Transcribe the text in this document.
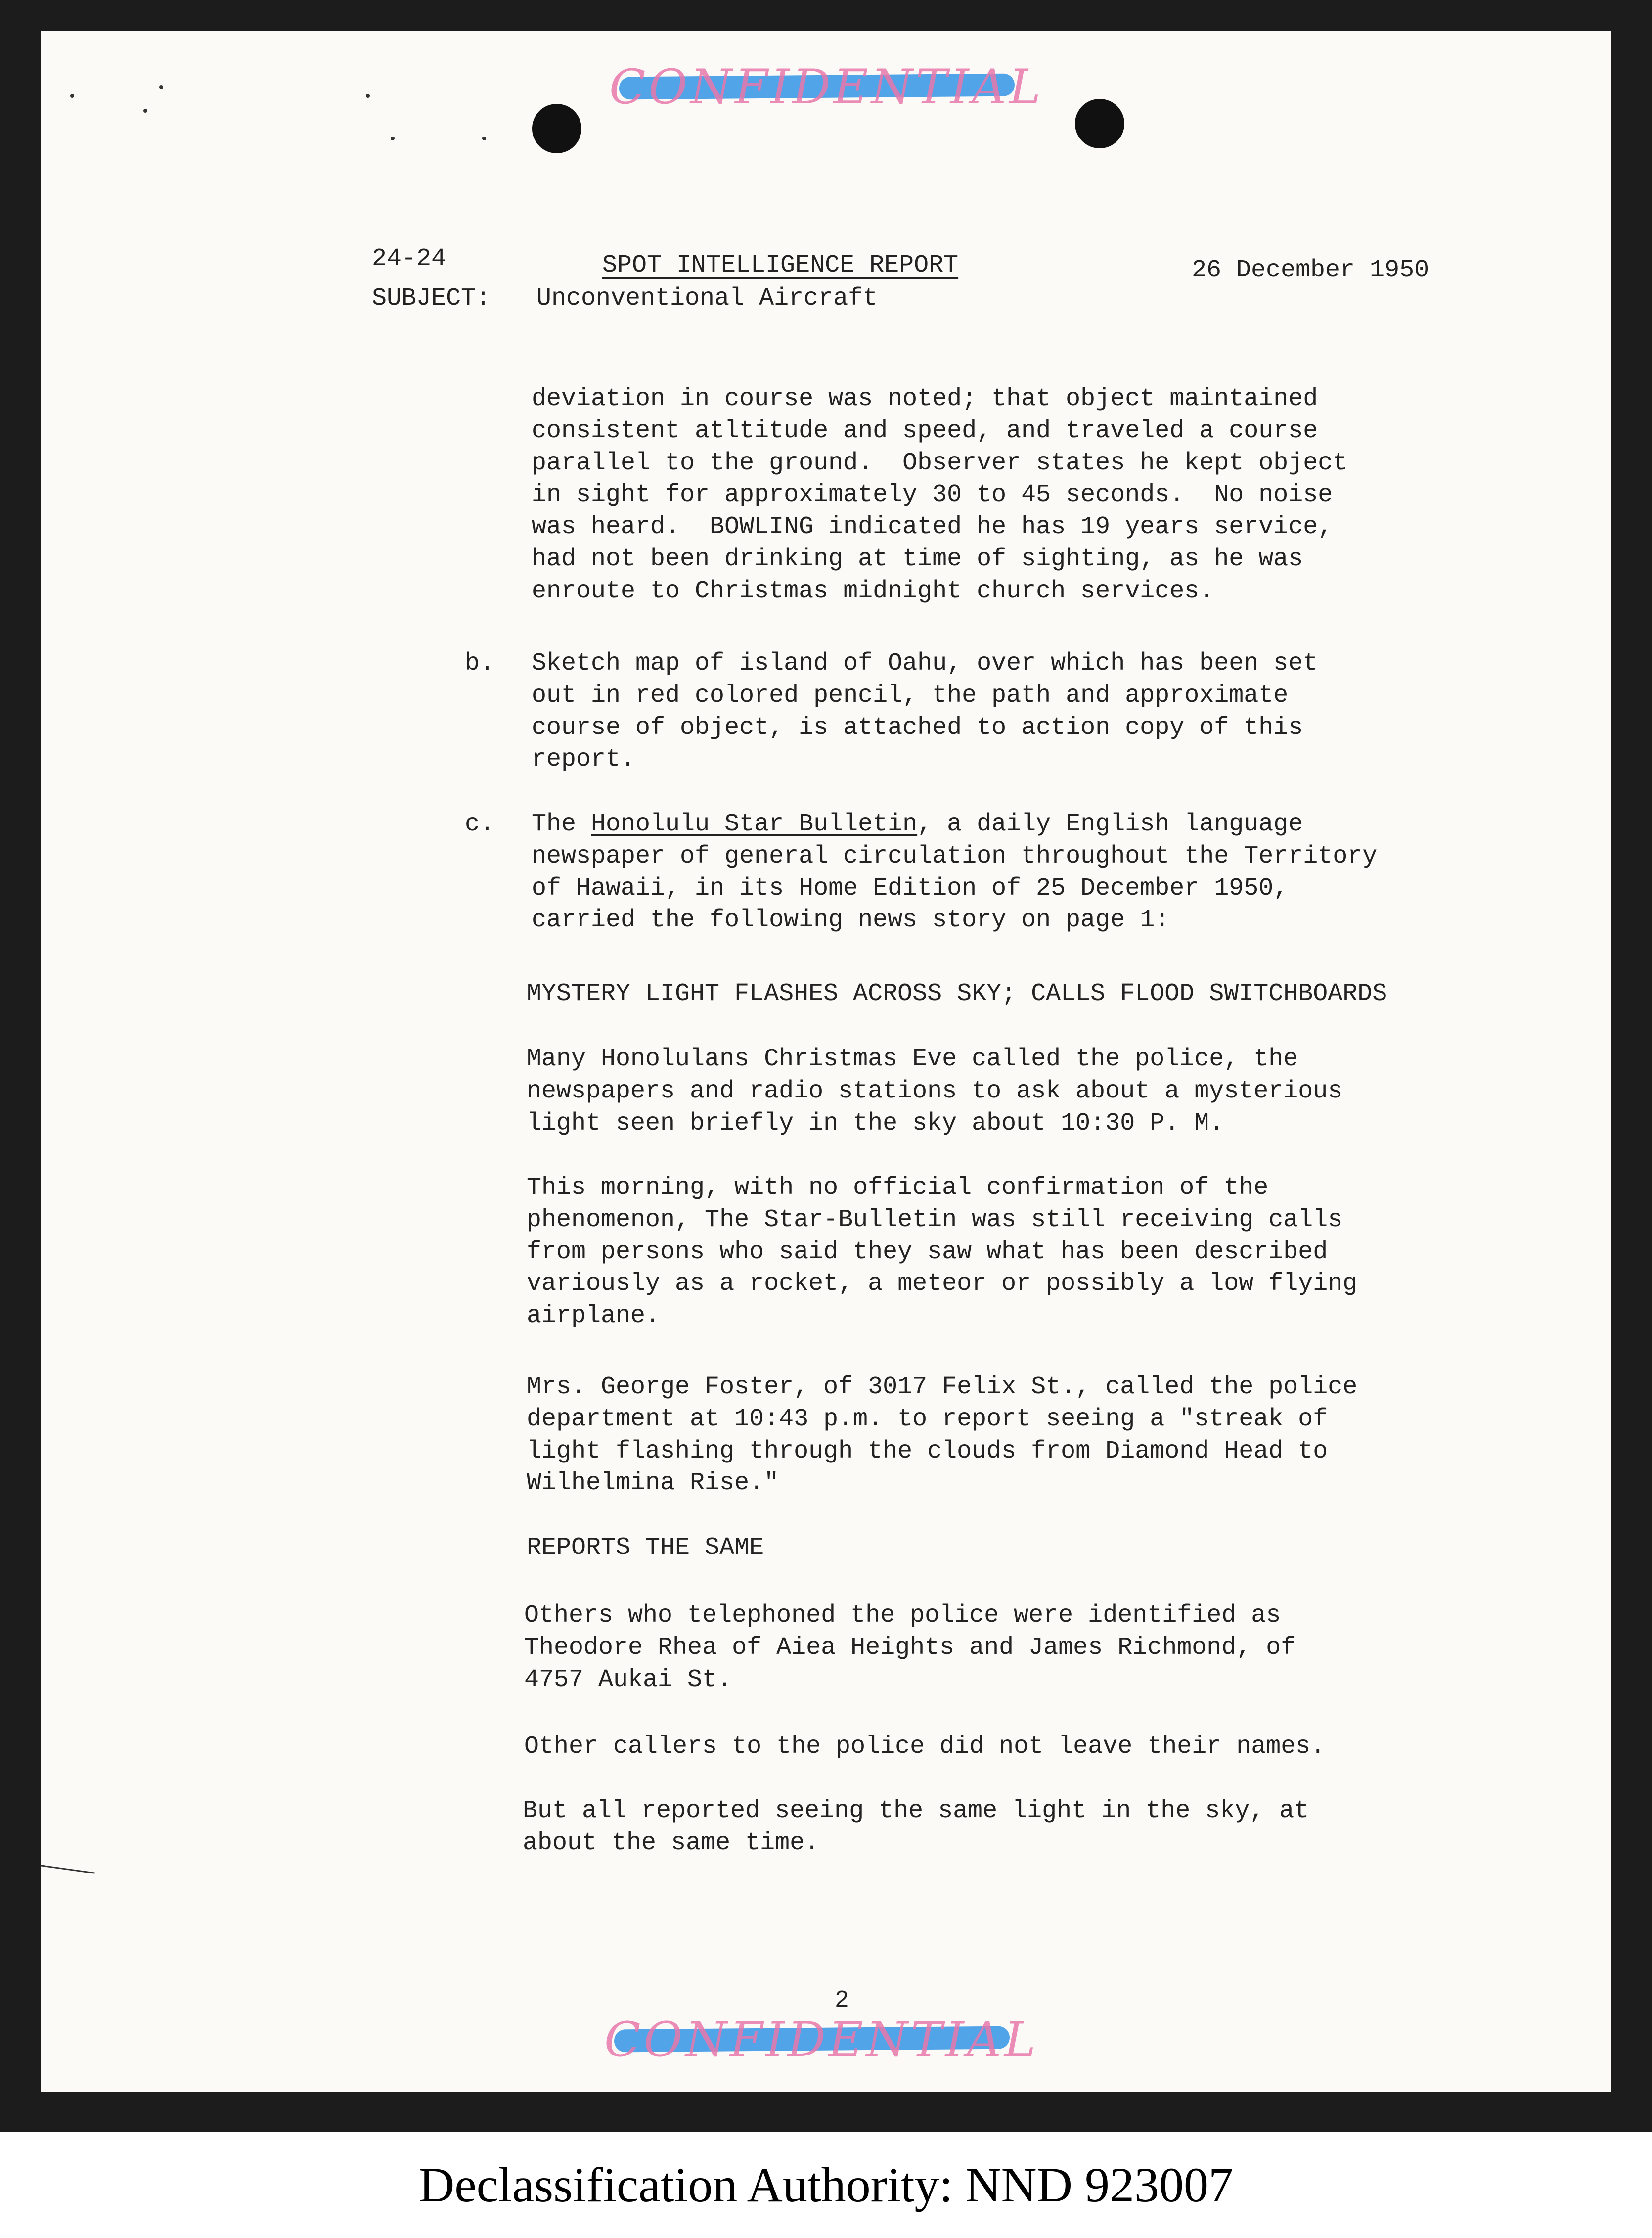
CONFIDENTIAL
24-24	SPOT INTELLIGENCE REPORT	26 December 1950
SUBJECT: Unconventional Aircraft
deviation in course was noted; that object maintained
consistent atltitude and speed, and traveled a course
parallel to the ground.  Observer states he kept object
in sight for approximately 30 to 45 seconds.  No noise
was heard.  BOWLING indicated he has 19 years service,
had not been drinking at time of sighting, as he was
enroute to Christmas midnight church services.
b. Sketch map of island of Oahu, over which has been set
out in red colored pencil, the path and approximate
course of object, is attached to action copy of this
report.
c. The Honolulu Star Bulletin, a daily English language
newspaper of general circulation throughout the Territory
of Hawaii, in its Home Edition of 25 December 1950,
carried the following news story on page 1:
MYSTERY LIGHT FLASHES ACROSS SKY; CALLS FLOOD SWITCHBOARDS
Many Honolulans Christmas Eve called the police, the
newspapers and radio stations to ask about a mysterious
light seen briefly in the sky about 10:30 P. M.
This morning, with no official confirmation of the
phenomenon, The Star-Bulletin was still receiving calls
from persons who said they saw what has been described
variously as a rocket, a meteor or possibly a low flying
airplane.
Mrs. George Foster, of 3017 Felix St., called the police
department at 10:43 p.m. to report seeing a "streak of
light flashing through the clouds from Diamond Head to
Wilhelmina Rise."
REPORTS THE SAME
Others who telephoned the police were identified as
Theodore Rhea of Aiea Heights and James Richmond, of
4757 Aukai St.
Other callers to the police did not leave their names.
But all reported seeing the same light in the sky, at
about the same time.
2
CONFIDENTIAL
Declassification Authority: NND 923007
